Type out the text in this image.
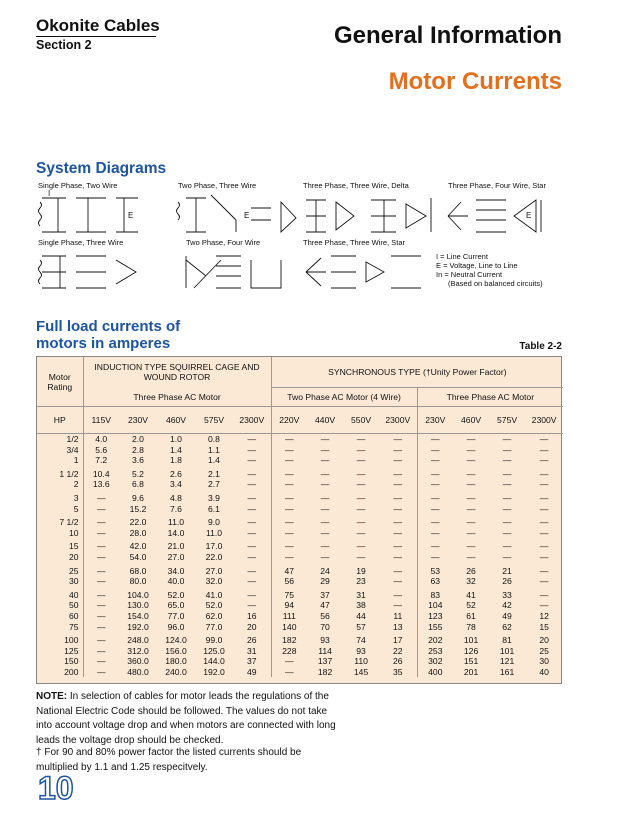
Okonite Cables
Section 2	General Information
Motor Currents
System Diagrams
Single Phase, Two Wire	Two Phase, Three Wire	Three Phase, Three Wire, Delta	Three Phase, Four Wire, Star
Single Phase, Three Wire	Two Phase, Four Wire	Three Phase, Three Wire, Star
I
E	E	E
I = Line Current
E = Voltage, Line to Line
In = Neutral Current
(Based on balanced circuits)
Full load currents of
motors in amperes	Table 2-2
Motor Rating	INDUCTION TYPE SQUIRREL CAGE AND WOUND ROTOR					SYNCHRONOUS TYPE (†Unity Power Factor)							
	Three Phase AC Motor					Two Phase AC Motor (4 Wire)				Three Phase AC Motor			
HP	115V	230V	460V	575V	2300V	220V	440V	550V	2300V	230V	460V	575V	2300V
1/2	4.0	2.0	1.0	0.8	—	—	—	—	—	—	—	—	—
3/4	5.6	2.8	1.4	1.1	—	—	—	—	—	—	—	—	—
1	7.2	3.6	1.8	1.4	—	—	—	—	—	—	—	—	—
1 1/2	10.4	5.2	2.6	2.1	—	—	—	—	—	—	—	—	—
2	13.6	6.8	3.4	2.7	—	—	—	—	—	—	—	—	—
3	—	9.6	4.8	3.9	—	—	—	—	—	—	—	—	—
5	—	15.2	7.6	6.1	—	—	—	—	—	—	—	—	—
7 1/2	—	22.0	11.0	9.0	—	—	—	—	—	—	—	—	—
10	—	28.0	14.0	11.0	—	—	—	—	—	—	—	—	—
15	—	42.0	21.0	17.0	—	—	—	—	—	—	—	—	—
20	—	54.0	27.0	22.0	—	—	—	—	—	—	—	—	—
25	—	68.0	34.0	27.0	—	47	24	19	—	53	26	21	—
30	—	80.0	40.0	32.0	—	56	29	23	—	63	32	26	—
40	—	104.0	52.0	41.0	—	75	37	31	—	83	41	33	—
50	—	130.0	65.0	52.0	—	94	47	38	—	104	52	42	—
60	—	154.0	77.0	62.0	16	111	56	44	11	123	61	49	12
75	—	192.0	96.0	77.0	20	140	70	57	13	155	78	62	15
100	—	248.0	124.0	99.0	26	182	93	74	17	202	101	81	20
125	—	312.0	156.0	125.0	31	228	114	93	22	253	126	101	25
150	—	360.0	180.0	144.0	37	—	137	110	26	302	151	121	30
200	—	480.0	240.0	192.0	49	—	182	145	35	400	201	161	40
NOTE: In selection of cables for motor leads the regulations of the National Electric Code should be followed. The values do not take into account voltage drop and when motors are connected with long leads the voltage drop should be checked.
† For 90 and 80% power factor the listed currents should be multiplied by 1.1 and 1.25 respecitvely.
10
